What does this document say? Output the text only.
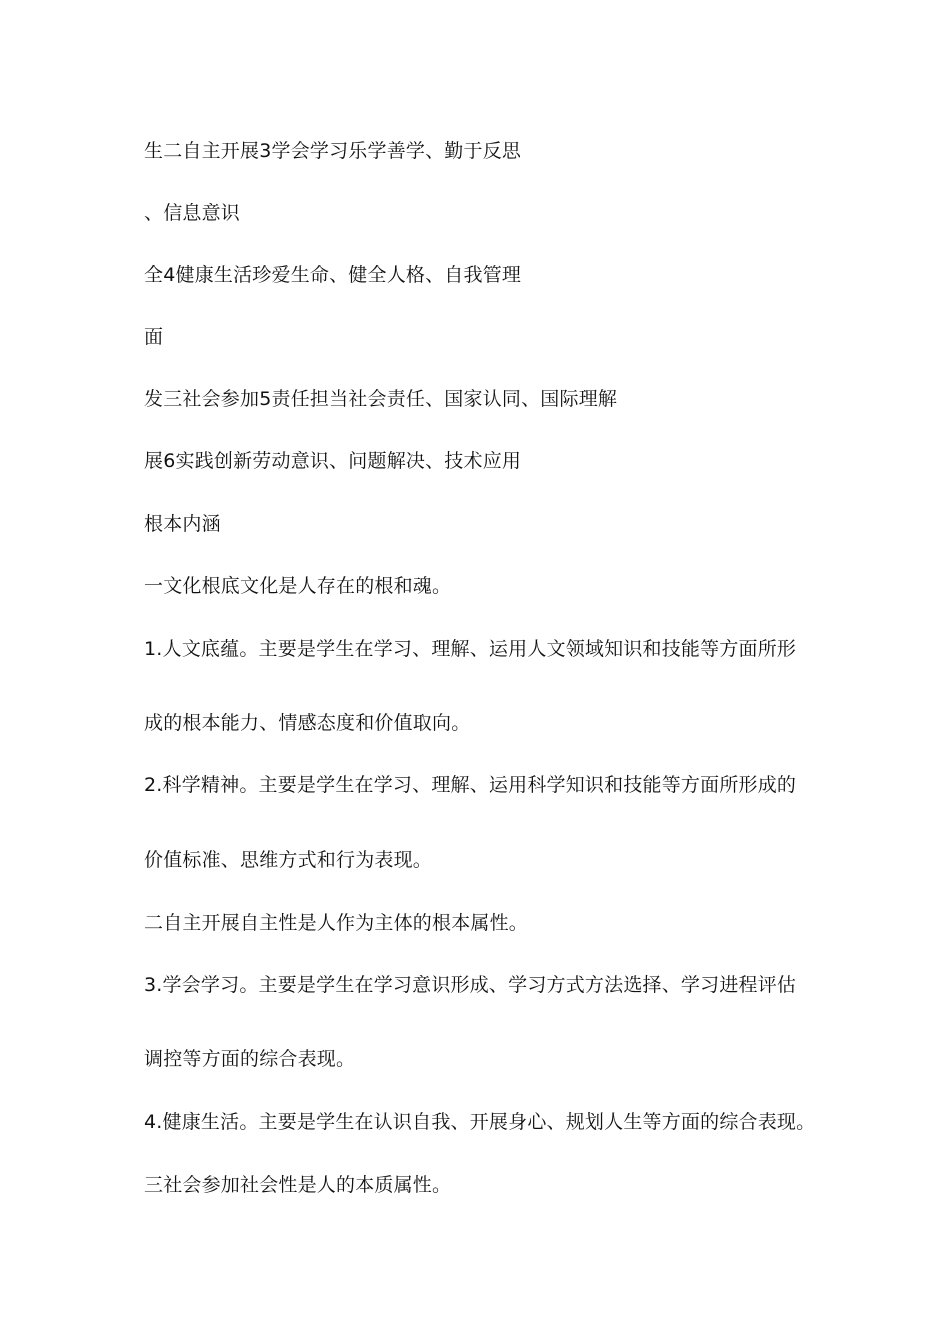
生二自主开展3学会学习乐学善学、勤于反思

、信息意识

全4健康生活珍爱生命、健全人格、自我管理

面

发三社会参加5责任担当社会责任、国家认同、国际理解

展6实践创新劳动意识、问题解决、技术应用

根本内涵

一文化根底文化是人存在的根和魂。

1.人文底蕴。主要是学生在学习、理解、运用人文领域知识和技能等方面所形

成的根本能力、情感态度和价值取向。

2.科学精神。主要是学生在学习、理解、运用科学知识和技能等方面所形成的

价值标准、思维方式和行为表现。

二自主开展自主性是人作为主体的根本属性。

3.学会学习。主要是学生在学习意识形成、学习方式方法选择、学习进程评估

调控等方面的综合表现。

4.健康生活。主要是学生在认识自我、开展身心、规划人生等方面的综合表现。

三社会参加社会性是人的本质属性。
